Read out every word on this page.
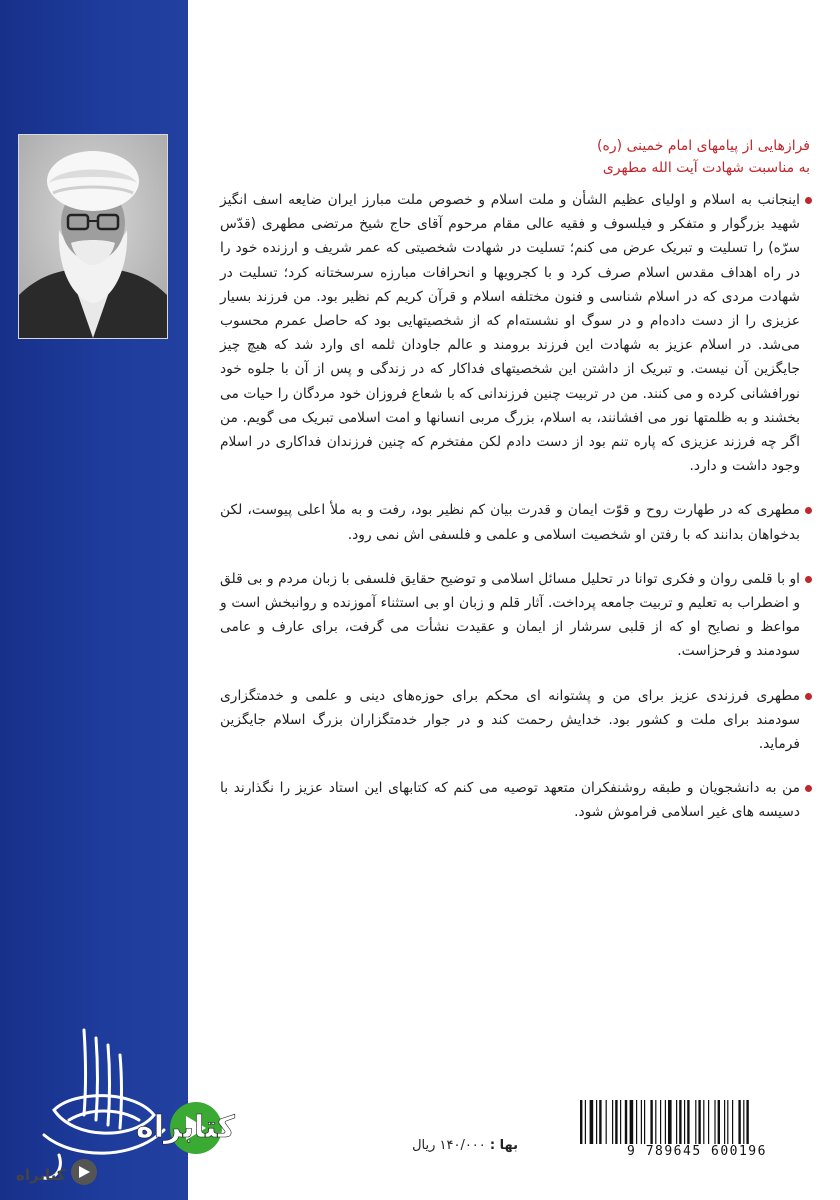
فرازهایی از پیامهای امام خمینی (ره)
به مناسبت شهادت آیت الله مطهری

اینجانب به اسلام و اولیای عظیم الشأن و ملت اسلام و خصوص ملت مبارز ایران ضایعه اسف انگیز شهید بزرگوار و متفکر و فیلسوف و فقیه عالی مقام مرحوم آقای حاج شیخ مرتضی مطهری (قدّس سرّه) را تسلیت و تبریک عرض می کنم؛ تسلیت در شهادت شخصیتی که عمر شریف و ارزنده خود را در راه اهداف مقدس اسلام صرف کرد و با کجرویها و انحرافات مبارزه سرسختانه کرد؛ تسلیت در شهادت مردی که در اسلام شناسی و فنون مختلفه اسلام و قرآن کریم کم نظیر بود. من فرزند بسیار عزیزی را از دست داده‌ام و در سوگ او نشسته‌ام که از شخصیتهایی بود که حاصل عمرم محسوب می‌شد. در اسلام عزیز به شهادت این فرزند برومند و عالم جاودان ثلمه ای وارد شد که هیچ چیز جایگزین آن نیست. و تبریک از داشتن این شخصیتهای فداکار که در زندگی و پس از آن با جلوه خود نورافشانی کرده و می کنند. من در تربیت چنین فرزندانی که با شعاع فروزان خود مردگان را حیات می بخشند و به ظلمتها نور می افشانند، به اسلام، بزرگ مربی انسانها و امت اسلامی تبریک می گویم. من اگر چه فرزند عزیزی که پاره تنم بود از دست دادم لکن مفتخرم که چنین فرزندان فداکاری در اسلام وجود داشت و دارد.

مطهری که در طهارت روح و قوّت ایمان و قدرت بیان کم نظیر بود، رفت و به ملأ اعلی پیوست، لکن بدخواهان بدانند که با رفتن او شخصیت اسلامی و علمی و فلسفی اش نمی رود.

او با قلمی روان و فکری توانا در تحلیل مسائل اسلامی و توضیح حقایق فلسفی با زبان مردم و بی قلق و اضطراب به تعلیم و تربیت جامعه پرداخت. آثار قلم و زبان او بی استثناء آموزنده و روانبخش است و مواعظ و نصایح او که از قلبی سرشار از ایمان و عقیدت نشأت می گرفت، برای عارف و عامی سودمند و فرحزاست.

مطهری فرزندی عزیز برای من و پشتوانه ای محکم برای حوزه‌های دینی و علمی و خدمتگزاری سودمند برای ملت و کشور بود. خدایش رحمت کند و در جوار خدمتگزاران بزرگ اسلام جایگزین فرماید.

من به دانشجویان و طبقه روشنفکران متعهد توصیه می کنم که کتابهای این استاد عزیز را نگذارند با دسیسه های غیر اسلامی فراموش شود.

کتابراه
کتابراه
9 789645 600196
بها : ۱۴۰/۰۰۰ ریال
